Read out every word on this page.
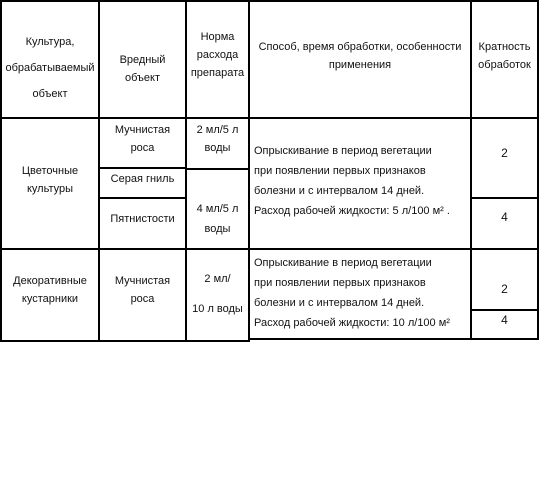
Культура,
обрабатываемый
объект
Вредный
объект
Норма
расхода
препарата
Способ, время обработки, особенности
применения
Кратность
обработок
Цветочные
культуры
Мучнистая
роса
Серая гниль
Пятнистости
2 мл/5 л
воды
4 мл/5 л
воды
Опрыскивание в период вегетации
при появлении первых признаков
болезни и с интервалом 14 дней.
Расход рабочей жидкости: 5 л/100 м² .
2
4
Декоративные
кустарники
Мучнистая
роса
2 мл/
10 л воды
Опрыскивание в период вегетации
при появлении первых признаков
болезни и с интервалом 14 дней.
Расход рабочей жидкости: 10 л/100 м²
2
4
